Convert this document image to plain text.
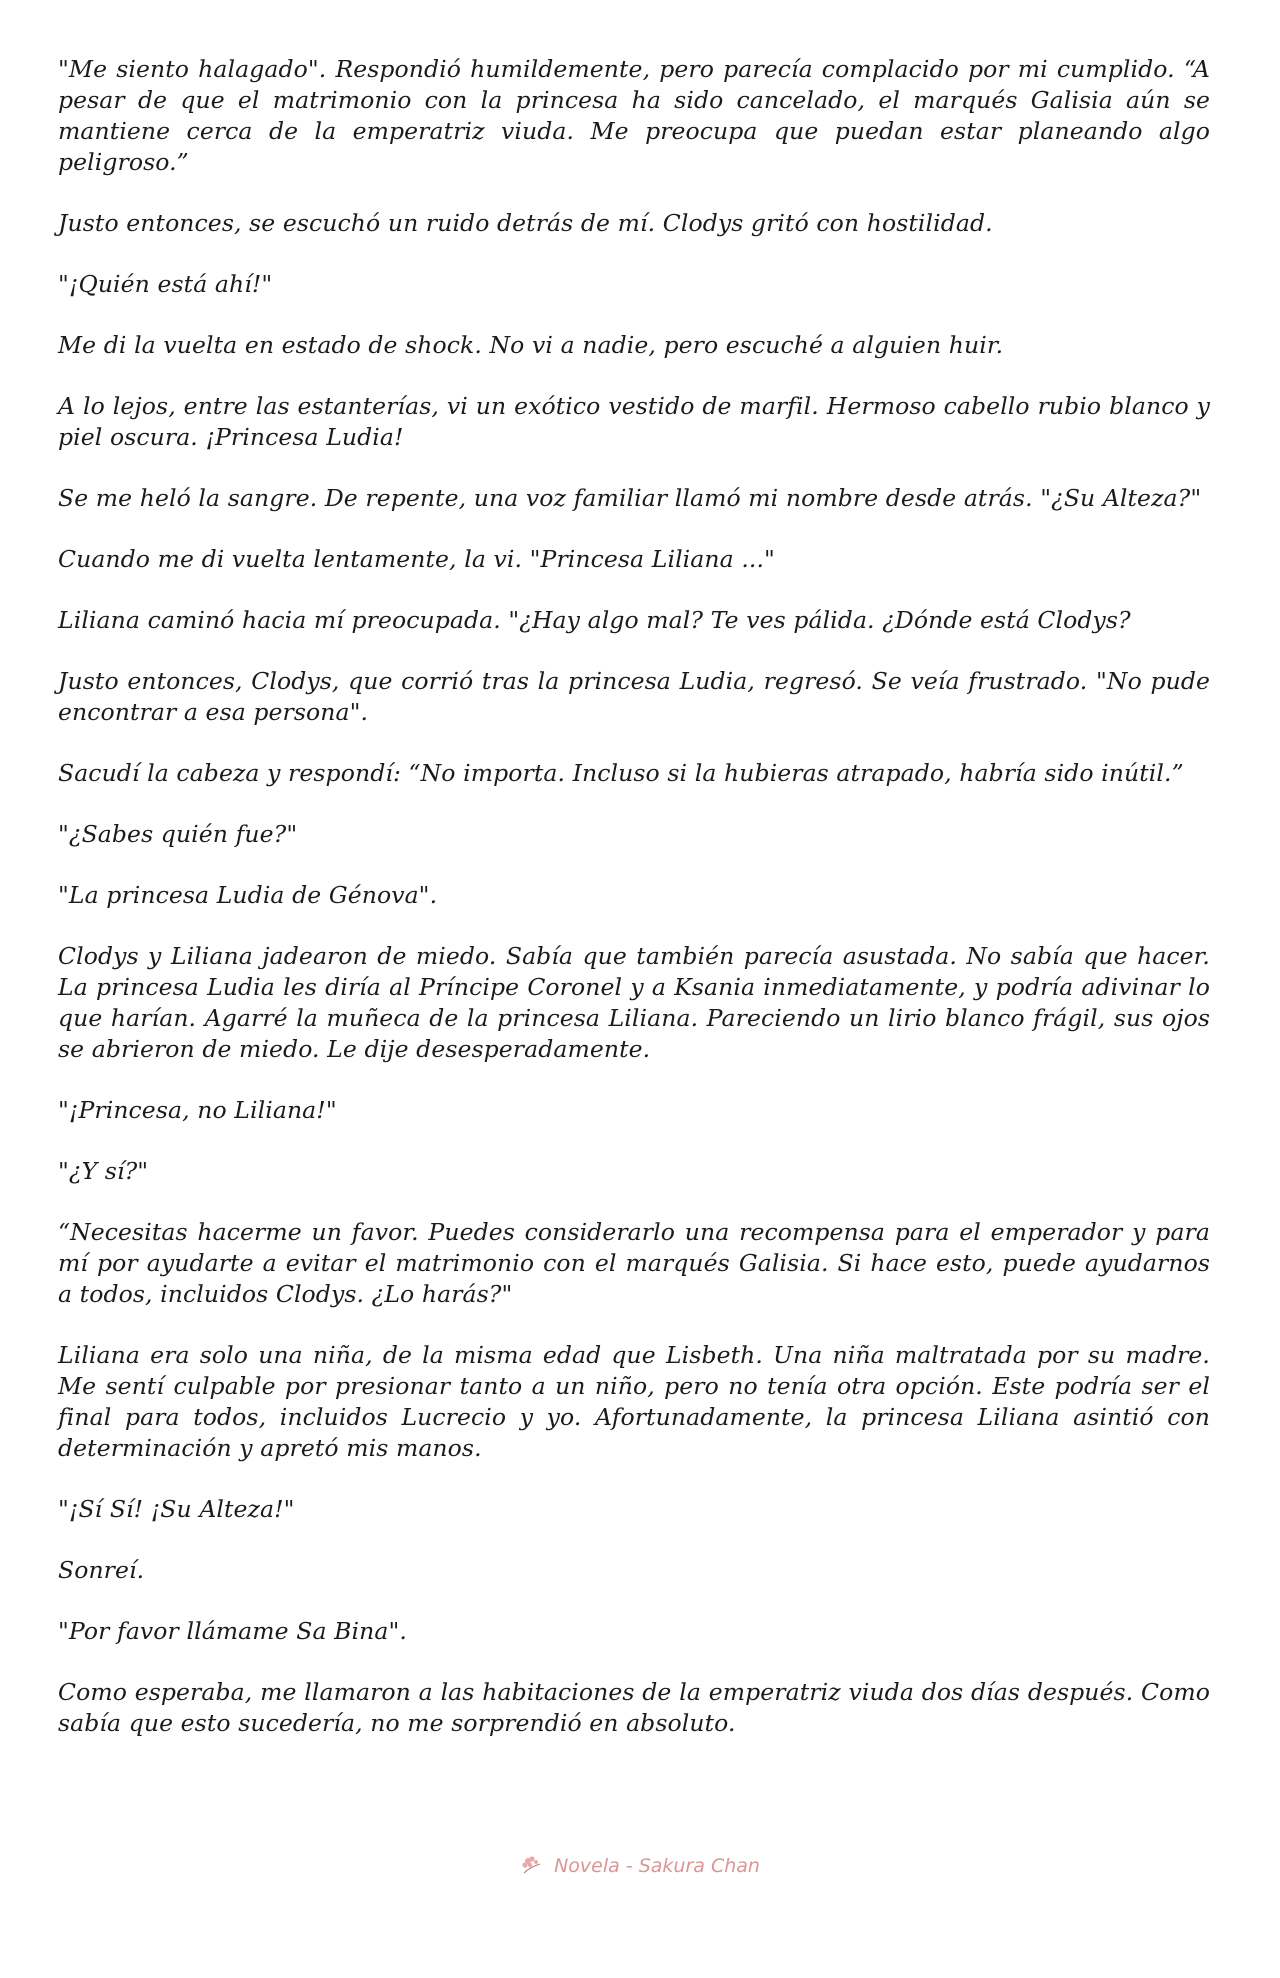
"Me siento halagado". Respondió humildemente, pero parecía complacido por mi cumplido. “A pesar de que el matrimonio con la princesa ha sido cancelado, el marqués Galisia aún se mantiene cerca de la emperatriz viuda. Me preocupa que puedan estar planeando algo peligroso.”

Justo entonces, se escuchó un ruido detrás de mí. Clodys gritó con hostilidad.

"¡Quién está ahí!"

Me di la vuelta en estado de shock. No vi a nadie, pero escuché a alguien huir.

A lo lejos, entre las estanterías, vi un exótico vestido de marfil. Hermoso cabello rubio blanco y piel oscura. ¡Princesa Ludia!

Se me heló la sangre. De repente, una voz familiar llamó mi nombre desde atrás. "¿Su Alteza?"

Cuando me di vuelta lentamente, la vi. "Princesa Liliana ..."

Liliana caminó hacia mí preocupada. "¿Hay algo mal? Te ves pálida. ¿Dónde está Clodys?

Justo entonces, Clodys, que corrió tras la princesa Ludia, regresó. Se veía frustrado. "No pude encontrar a esa persona".

Sacudí la cabeza y respondí: “No importa. Incluso si la hubieras atrapado, habría sido inútil.”

"¿Sabes quién fue?"

"La princesa Ludia de Génova".

Clodys y Liliana jadearon de miedo. Sabía que también parecía asustada. No sabía que hacer. La princesa Ludia les diría al Príncipe Coronel y a Ksania inmediatamente, y podría adivinar lo que harían. Agarré la muñeca de la princesa Liliana. Pareciendo un lirio blanco frágil, sus ojos se abrieron de miedo. Le dije desesperadamente.

"¡Princesa, no Liliana!"

"¿Y sí?"

“Necesitas hacerme un favor. Puedes considerarlo una recompensa para el emperador y para mí por ayudarte a evitar el matrimonio con el marqués Galisia. Si hace esto, puede ayudarnos a todos, incluidos Clodys. ¿Lo harás?"

Liliana era solo una niña, de la misma edad que Lisbeth. Una niña maltratada por su madre. Me sentí culpable por presionar tanto a un niño, pero no tenía otra opción. Este podría ser el final para todos, incluidos Lucrecio y yo. Afortunadamente, la princesa Liliana asintió con determinación y apretó mis manos.

"¡Sí Sí! ¡Su Alteza!"

Sonreí.

"Por favor llámame Sa Bina".

Como esperaba, me llamaron a las habitaciones de la emperatriz viuda dos días después. Como sabía que esto sucedería, no me sorprendió en absoluto.

Novela - Sakura Chan
